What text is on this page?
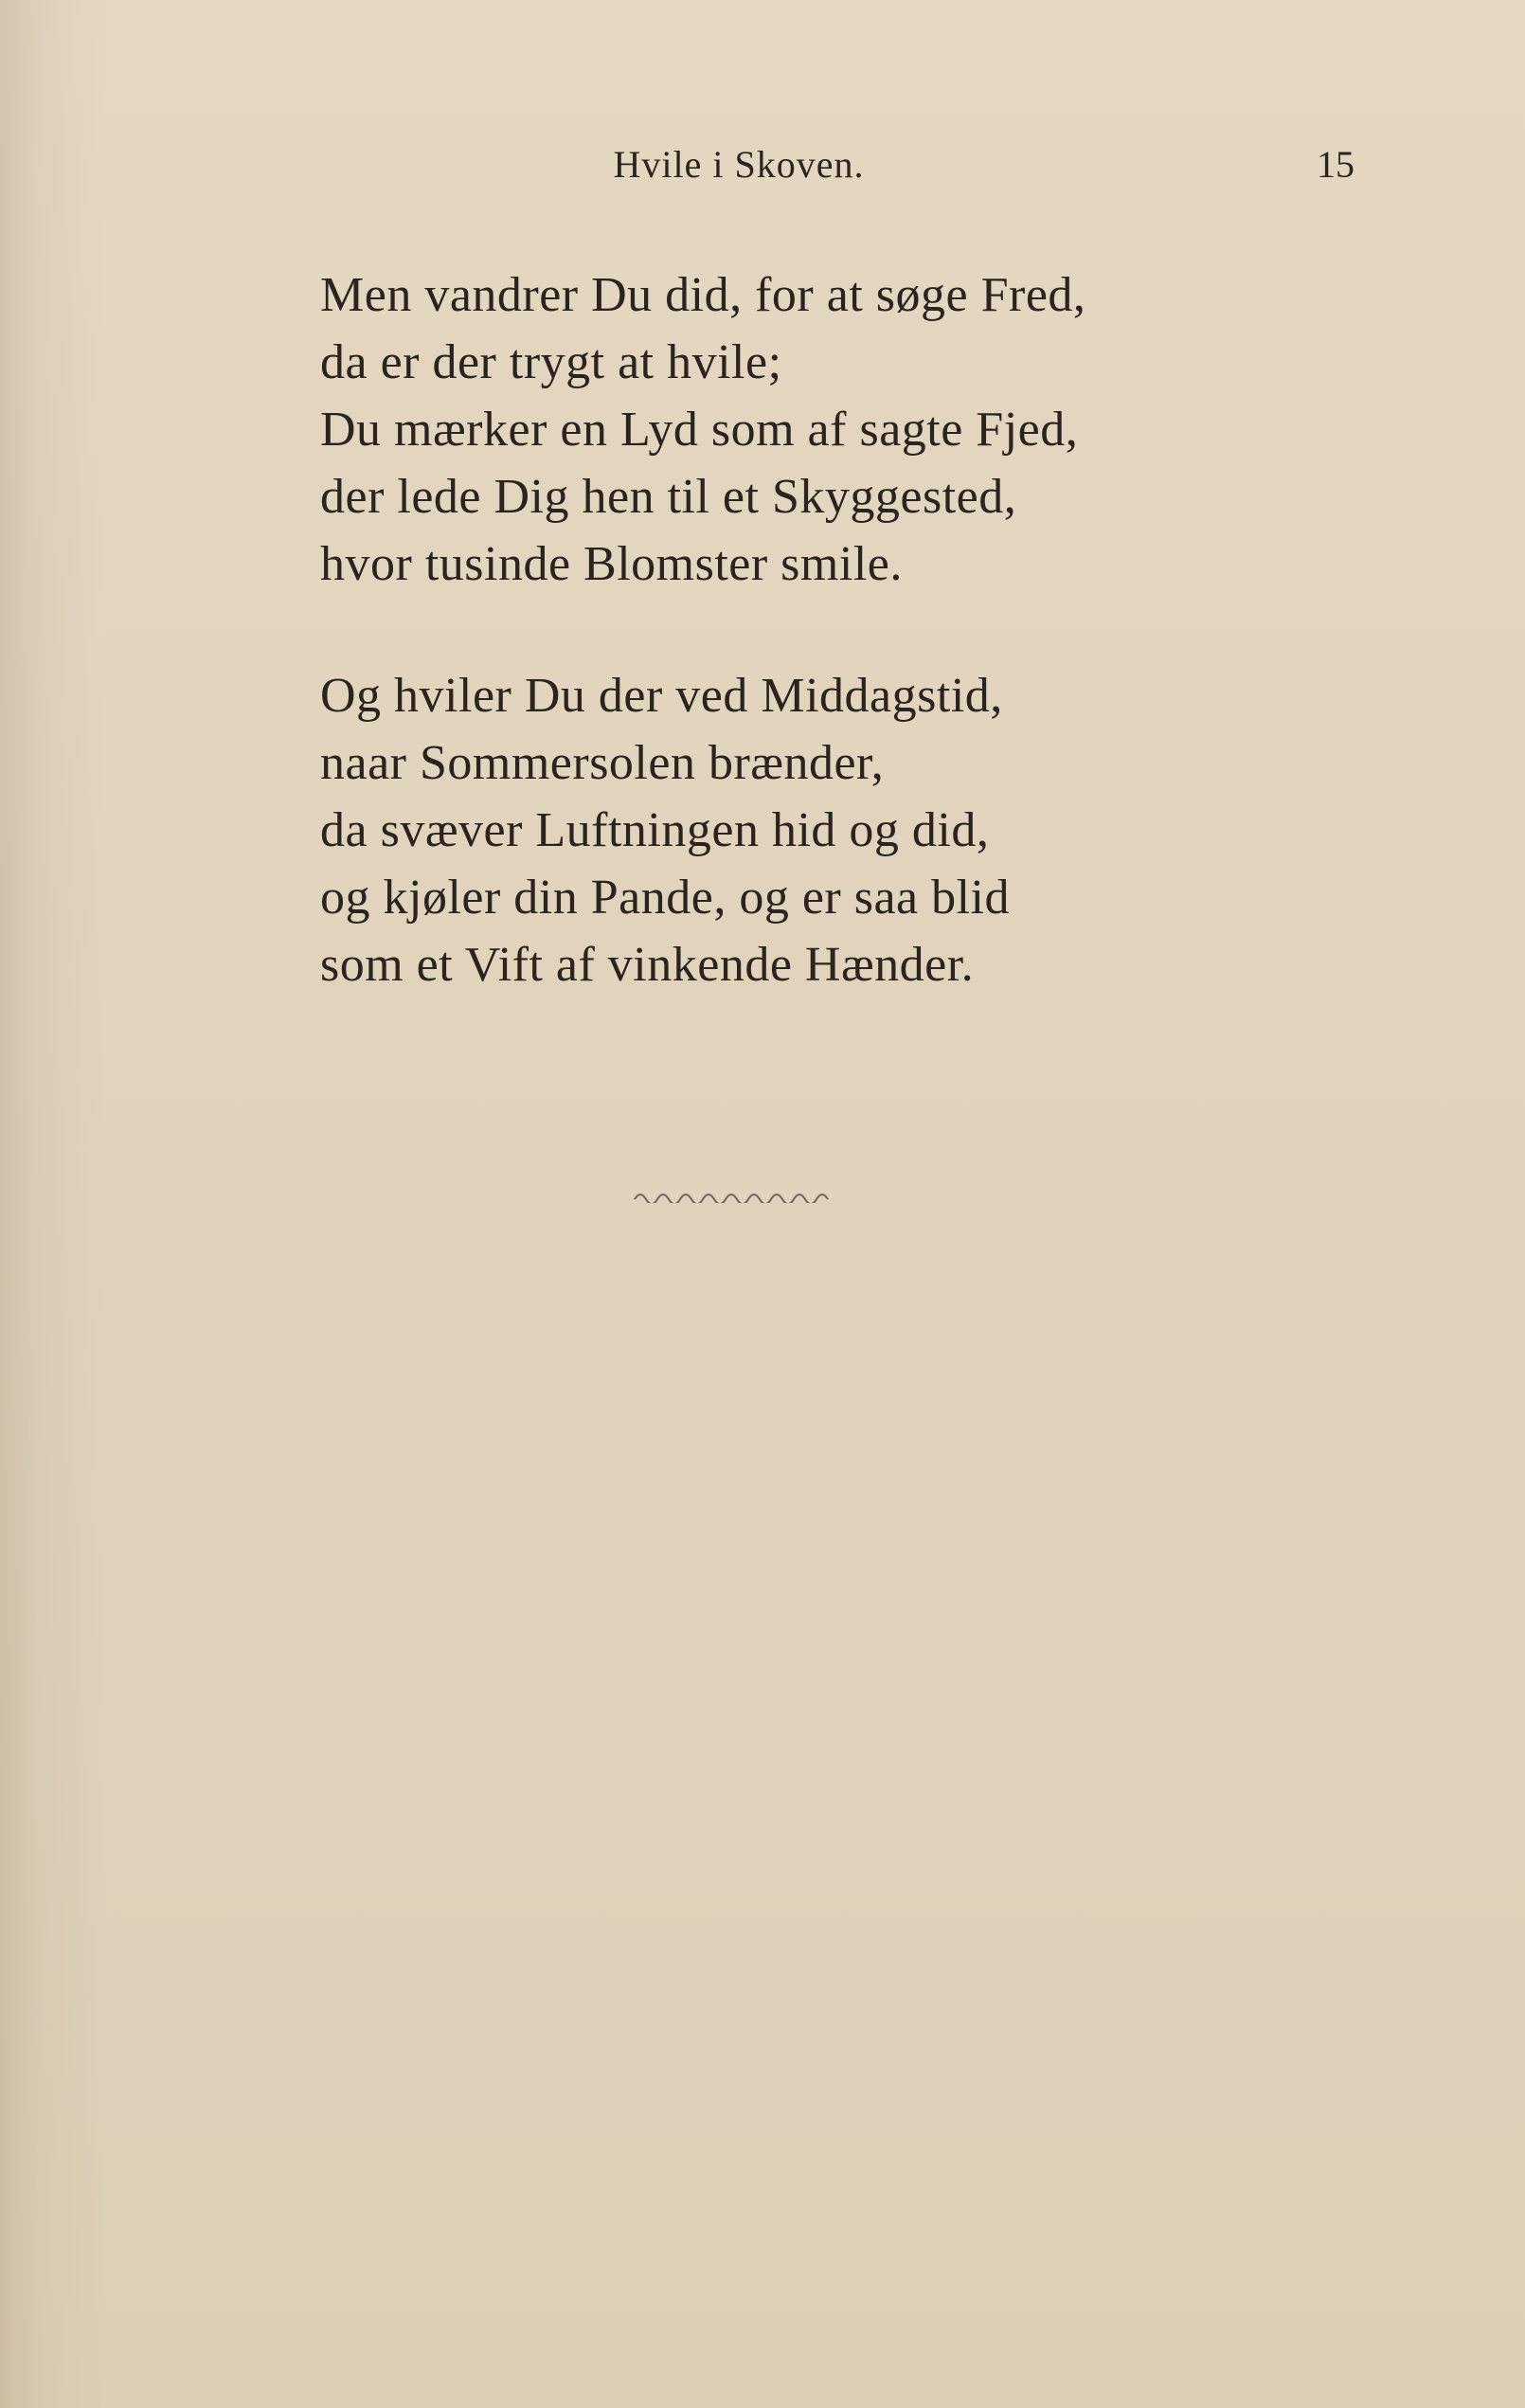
Hvile i Skoven.	15
Men vandrer Du did, for at søge Fred,
da er der trygt at hvile;
Du mærker en Lyd som af sagte Fjed,
der lede Dig hen til et Skyggested,
hvor tusinde Blomster smile.
Og hviler Du der ved Middagstid,
naar Sommersolen brænder,
da svæver Luftningen hid og did,
og kjøler din Pande, og er saa blid
som et Vift af vinkende Hænder.
